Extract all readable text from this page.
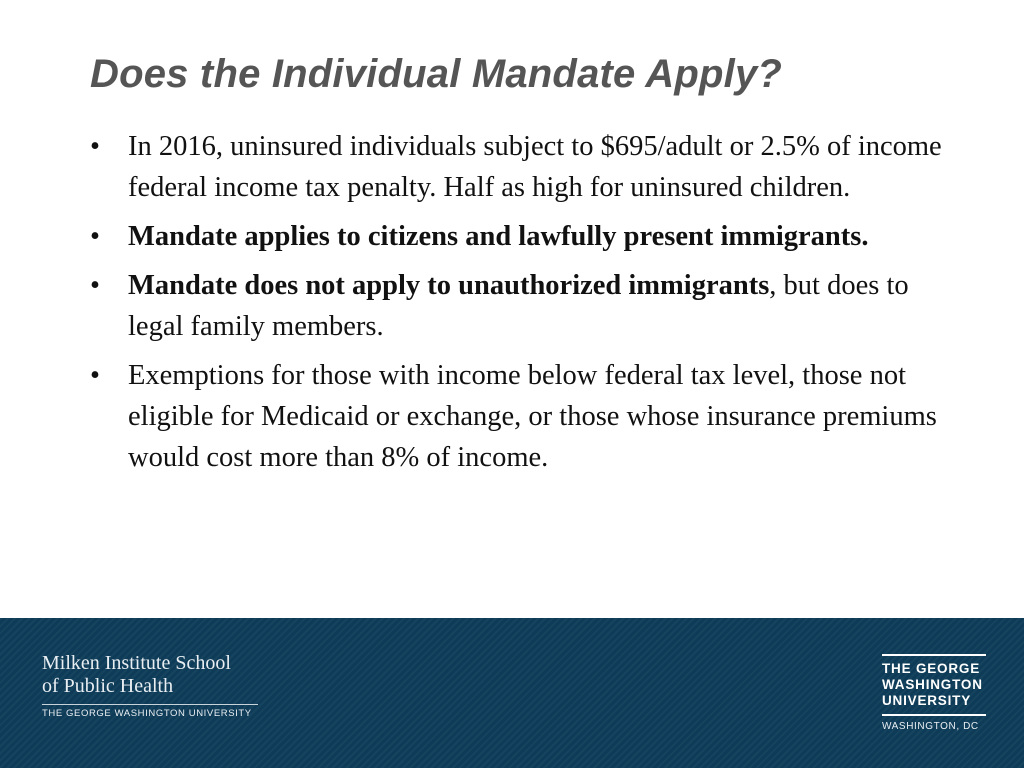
Does the Individual Mandate Apply?
• In 2016, uninsured individuals subject to $695/adult or 2.5% of income federal income tax penalty. Half as high for uninsured children.
• Mandate applies to citizens and lawfully present immigrants.
• Mandate does not apply to unauthorized immigrants, but does to legal family members.
• Exemptions for those with income below federal tax level, those not eligible for Medicaid or exchange, or those whose insurance premiums would cost more than 8% of income.
Milken Institute School
of Public Health
THE GEORGE WASHINGTON UNIVERSITY
THE GEORGE
WASHINGTON
UNIVERSITY
WASHINGTON, DC
